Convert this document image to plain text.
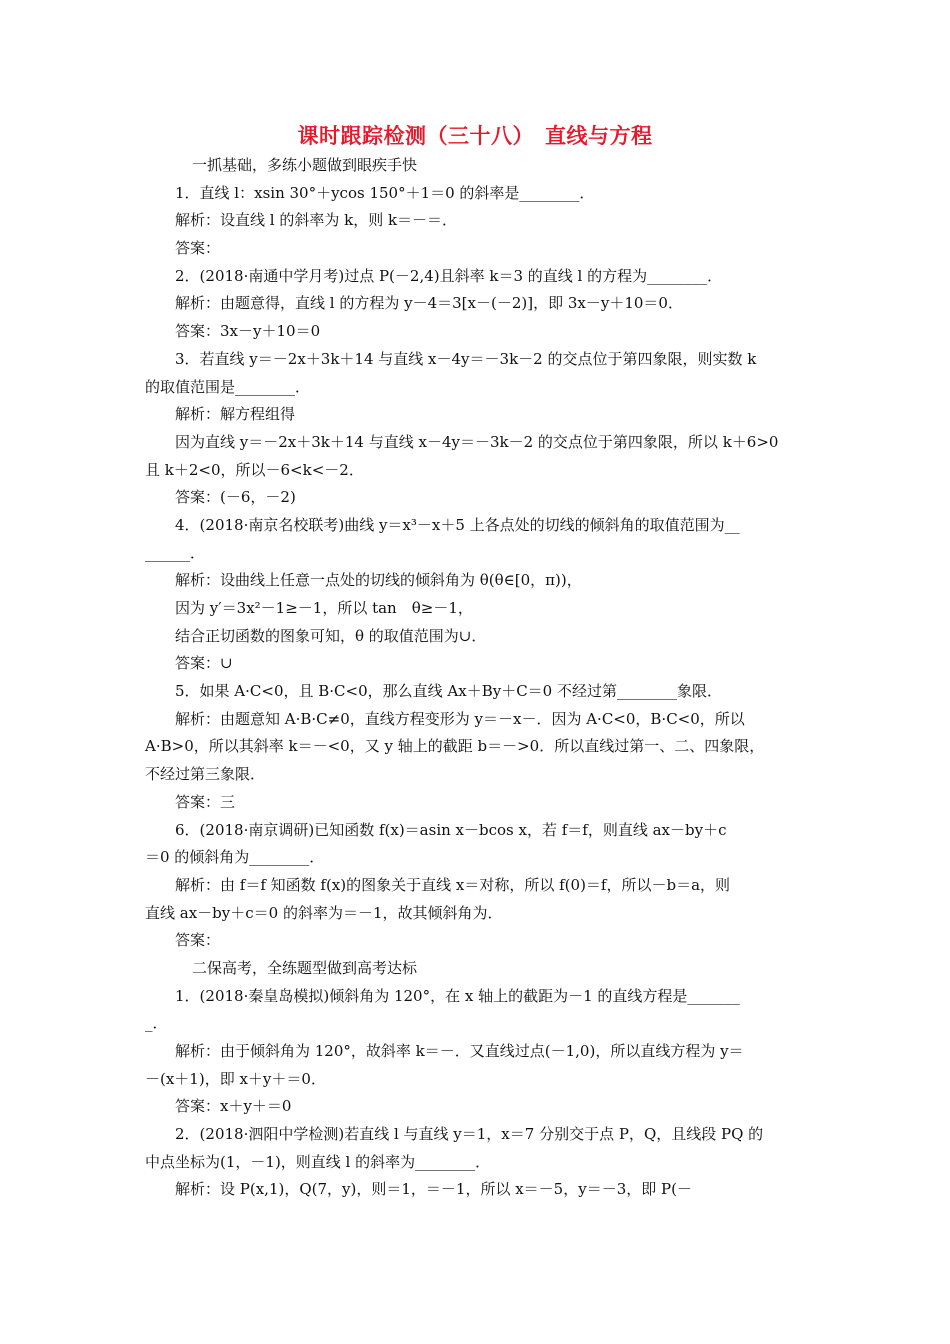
课时跟踪检测（三十八）　直线与方程
一抓基础，多练小题做到眼疾手快
1．直线 l：xsin 30°＋ycos 150°＋1＝0 的斜率是________．
解析：设直线 l 的斜率为 k，则 k＝－＝．
答案：
2．(2018·南通中学月考)过点 P(－2,4)且斜率 k＝3 的直线 l 的方程为________．
解析：由题意得，直线 l 的方程为 y－4＝3[x－(－2)]，即 3x－y＋10＝0．
答案：3x－y＋10＝0
3．若直线 y＝－2x＋3k＋14 与直线 x－4y＝－3k－2 的交点位于第四象限，则实数 k
的取值范围是________．
解析：解方程组得
因为直线 y＝－2x＋3k＋14 与直线 x－4y＝－3k－2 的交点位于第四象限，所以 k＋6>0
且 k＋2<0，所以－6<k<－2．
答案：(－6，－2)
4．(2018·南京名校联考)曲线 y＝x³－x＋5 上各点处的切线的倾斜角的取值范围为__
______．
解析：设曲线上任意一点处的切线的倾斜角为 θ(θ∈[0，π))，
因为 y′＝3x²－1≥－1，所以 tan　θ≥－1，
结合正切函数的图象可知，θ 的取值范围为∪．
答案：∪
5．如果 A·C<0，且 B·C<0，那么直线 Ax＋By＋C＝0 不经过第________象限．
解析：由题意知 A·B·C≠0，直线方程变形为 y＝－x－．因为 A·C<0，B·C<0，所以
A·B>0，所以其斜率 k＝－<0，又 y 轴上的截距 b＝－>0．所以直线过第一、二、四象限，
不经过第三象限．
答案：三
6．(2018·南京调研)已知函数 f(x)＝asin x－bcos x，若 f＝f，则直线 ax－by＋c
＝0 的倾斜角为________．
解析：由 f＝f 知函数 f(x)的图象关于直线 x＝对称，所以 f(0)＝f，所以－b＝a，则
直线 ax－by＋c＝0 的斜率为＝－1，故其倾斜角为．
答案：
二保高考，全练题型做到高考达标
1．(2018·秦皇岛模拟)倾斜角为 120°，在 x 轴上的截距为－1 的直线方程是_______
_．
解析：由于倾斜角为 120°，故斜率 k＝－．又直线过点(－1,0)，所以直线方程为 y＝
－(x＋1)，即 x＋y＋＝0．
答案：x＋y＋＝0
2．(2018·泗阳中学检测)若直线 l 与直线 y＝1，x＝7 分别交于点 P，Q，且线段 PQ 的
中点坐标为(1，－1)，则直线 l 的斜率为________．
解析：设 P(x,1)，Q(7，y)，则＝1，＝－1，所以 x＝－5，y＝－3，即 P(－
